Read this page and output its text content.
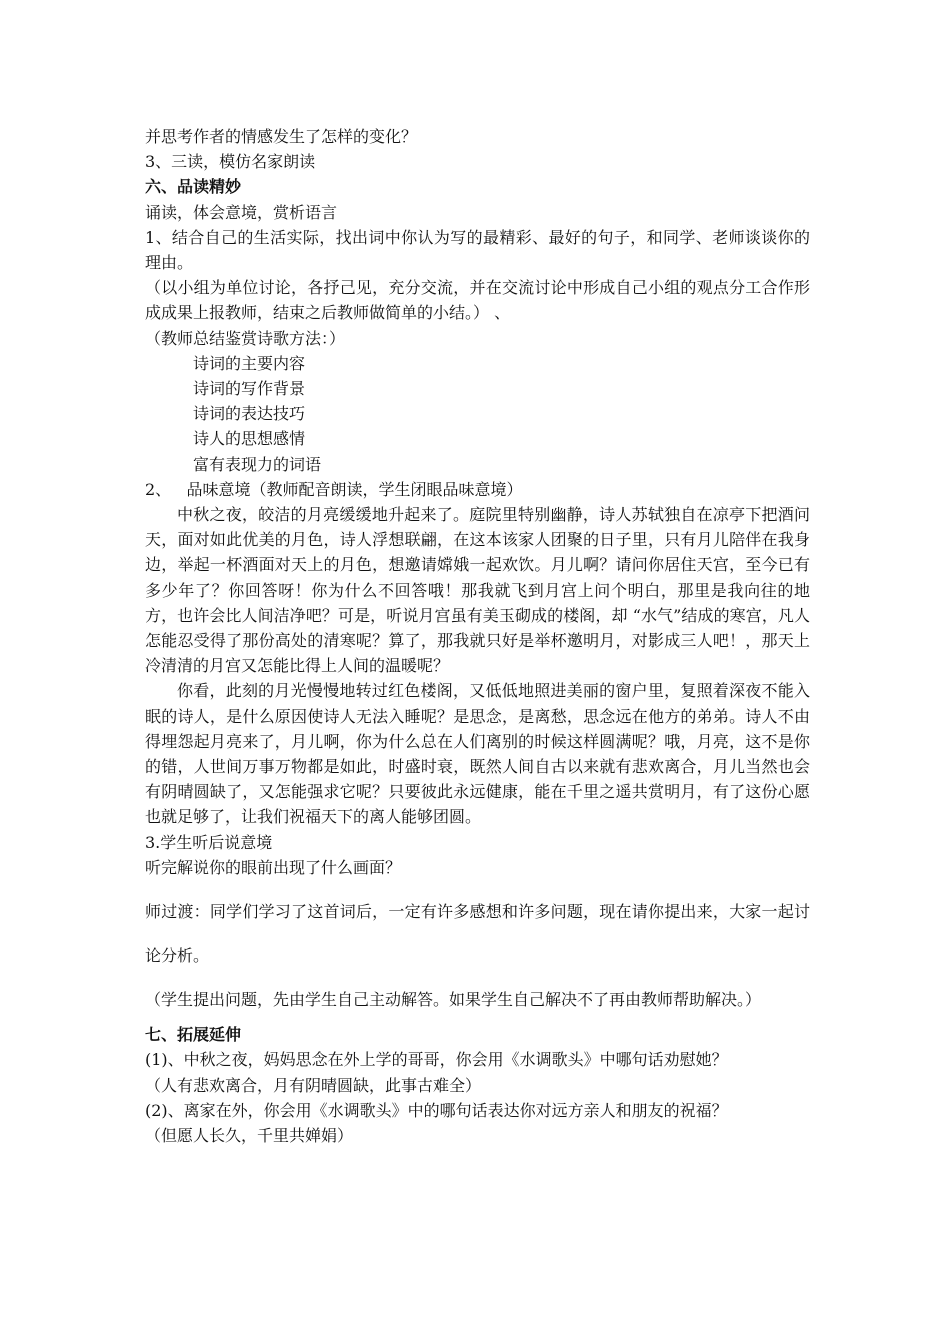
并思考作者的情感发生了怎样的变化？
3、三读，模仿名家朗读
六、品读精妙
诵读，体会意境，赏析语言

1、结合自己的生活实际，找出词中你认为写的最精彩、最好的句子，和同学、老师谈谈你的理由。

（以小组为单位讨论，各抒己见，充分交流，并在交流讨论中形成自己小组的观点分工合作形成成果上报教师，结束之后教师做简单的小结。） 、

（教师总结鉴赏诗歌方法：）
诗词的主要内容
诗词的写作背景
诗词的表达技巧
诗人的思想感情
富有表现力的词语
2、   品味意境（教师配音朗读，学生闭眼品味意境）

中秋之夜，皎洁的月亮缓缓地升起来了。庭院里特别幽静，诗人苏轼独自在凉亭下把酒问天，面对如此优美的月色，诗人浮想联翩，在这本该家人团聚的日子里，只有月儿陪伴在我身边，举起一杯酒面对天上的月色，想邀请嫦娥一起欢饮。月儿啊？请问你居住天宫，至今已有多少年了？你回答呀！你为什么不回答哦！那我就飞到月宫上问个明白，那里是我向往的地方，也许会比人间洁净吧？可是，听说月宫虽有美玉砌成的楼阁，却 “水气”结成的寒宫，凡人怎能忍受得了那份高处的清寒呢？算了，那我就只好是举杯邀明月，对影成三人吧！，那天上冷清清的月宫又怎能比得上人间的温暖呢？

你看，此刻的月光慢慢地转过红色楼阁，又低低地照进美丽的窗户里，复照着深夜不能入眠的诗人，是什么原因使诗人无法入睡呢？是思念，是离愁，思念远在他方的弟弟。诗人不由得埋怨起月亮来了，月儿啊，你为什么总在人们离别的时候这样圆满呢？哦，月亮，这不是你的错，人世间万事万物都是如此，时盛时衰，既然人间自古以来就有悲欢离合，月儿当然也会有阴晴圆缺了，又怎能强求它呢？只要彼此永远健康，能在千里之遥共赏明月，有了这份心愿也就足够了，让我们祝福天下的离人能够团圆。

3.学生听后说意境
听完解说你的眼前出现了什么画面？

师过渡：同学们学习了这首词后，一定有许多感想和许多问题，现在请你提出来，大家一起讨论分析。

（学生提出问题，先由学生自己主动解答。如果学生自己解决不了再由教师帮助解决。）

七、拓展延伸
(1)、中秋之夜，妈妈思念在外上学的哥哥，你会用《水调歌头》中哪句话劝慰她？
（人有悲欢离合，月有阴晴圆缺，此事古难全）
(2)、离家在外，你会用《水调歌头》中的哪句话表达你对远方亲人和朋友的祝福？
（但愿人长久，千里共婵娟）
